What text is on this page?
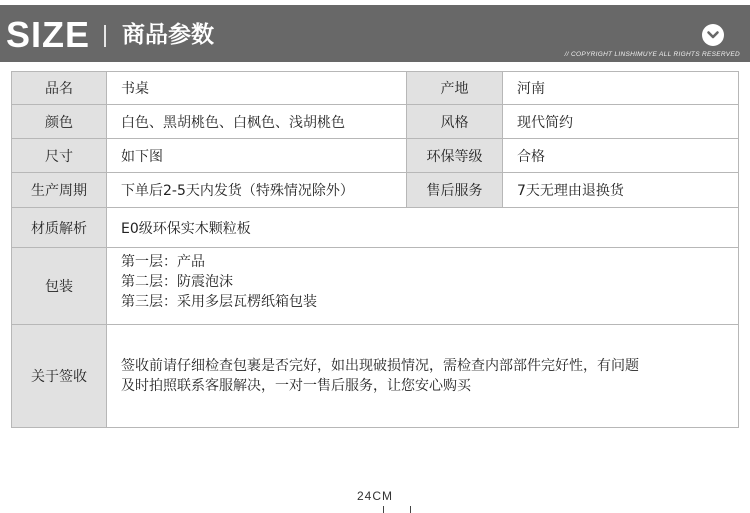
SIZE 商品参数
// COPYRIGHT LINSHIMUYE ALL RIGHTS RESERVED
品名	书桌	产地	河南
颜色	白色、黑胡桃色、白枫色、浅胡桃色	风格	现代简约
尺寸	如下图	环保等级	合格
生产周期	下单后2-5天内发货（特殊情况除外）	售后服务	7天无理由退换货
材质解析	E0级环保实木颗粒板		
包装	第一层：产品
第二层：防震泡沫
第三层：采用多层瓦楞纸箱包装		

关于签收	签收前请仔细检查包裹是否完好，如出现破损情况，需检查内部部件完好性，有问题
及时拍照联系客服解决，一对一售后服务，让您安心购买		
24CM
